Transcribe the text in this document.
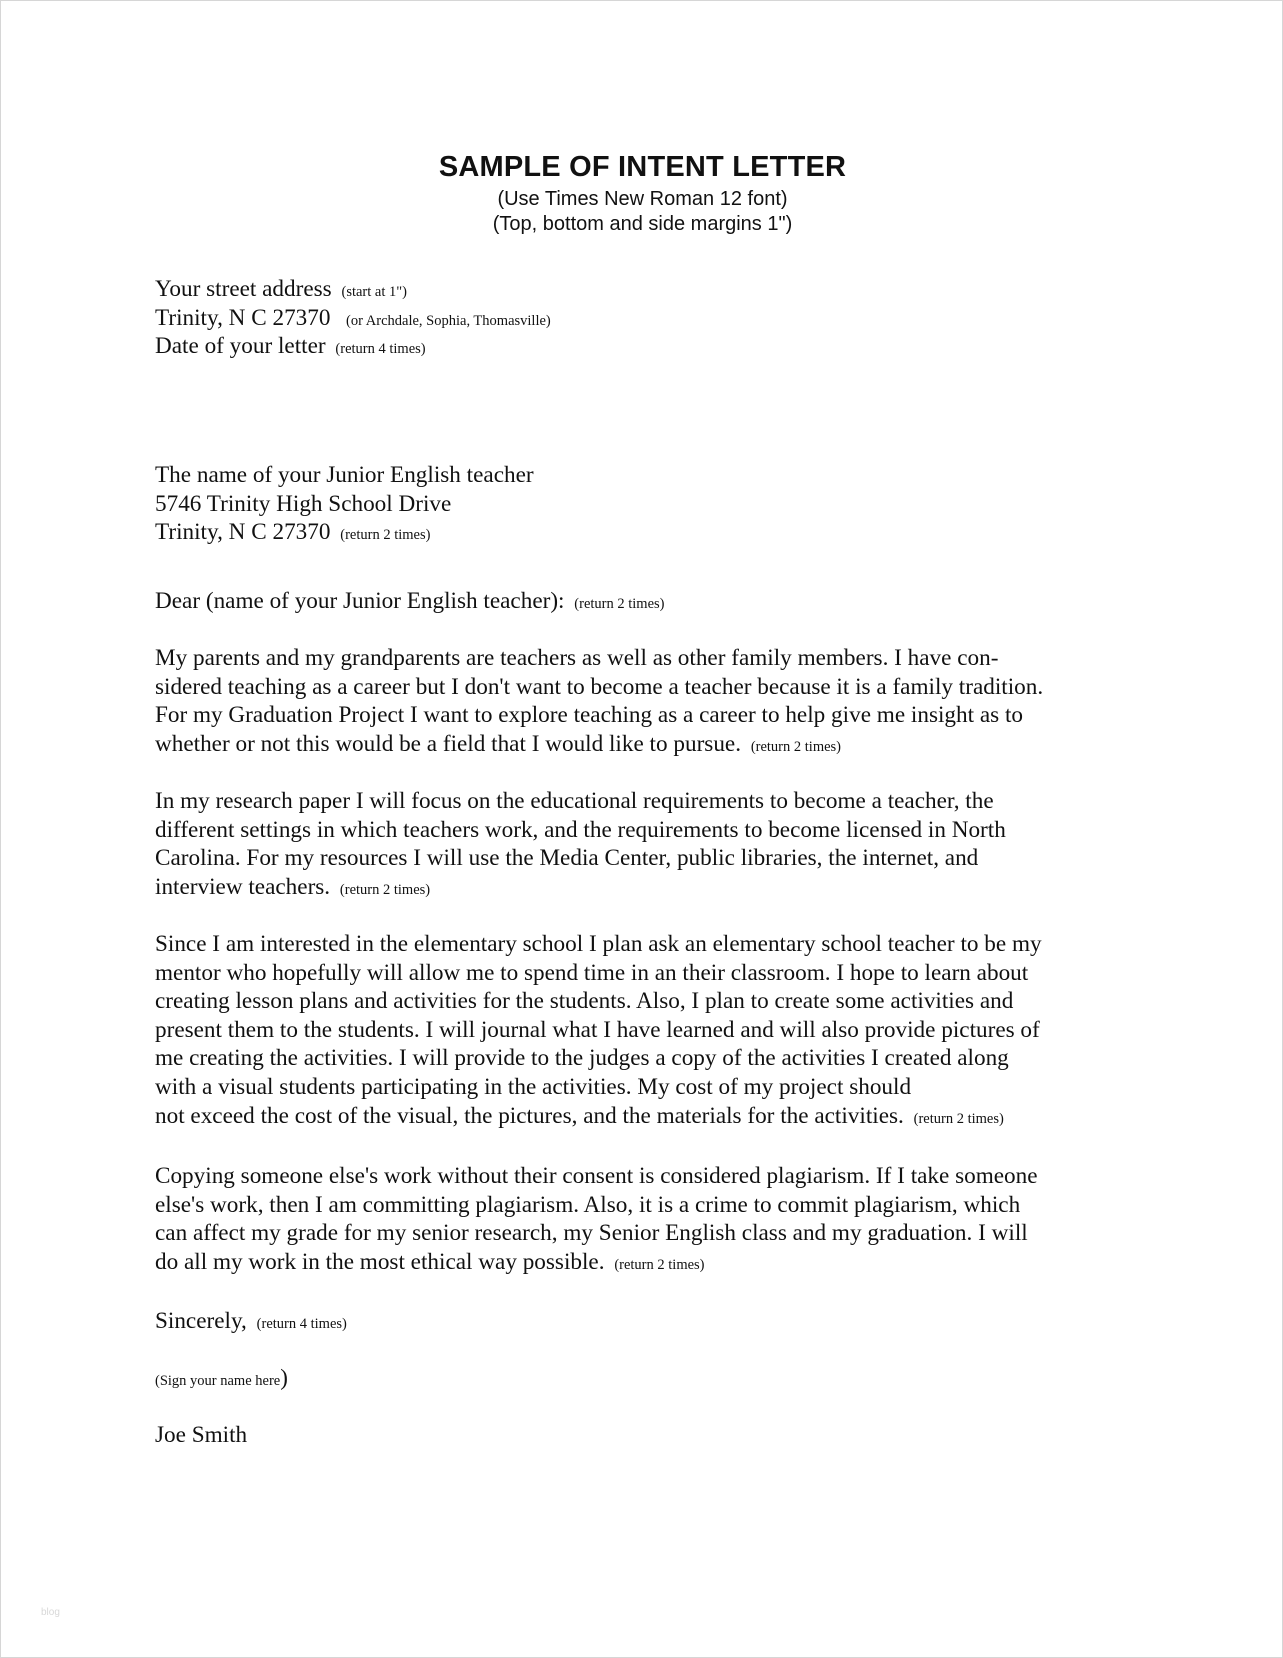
SAMPLE OF INTENT LETTER
(Use Times New Roman 12 font)
(Top, bottom and side margins 1")
Your street address (start at 1")
Trinity, N C 27370 (or Archdale, Sophia, Thomasville)
Date of your letter (return 4 times)
The name of your Junior English teacher
5746 Trinity High School Drive
Trinity, N C 27370 (return 2 times)
Dear (name of your Junior English teacher): (return 2 times)
My parents and my grandparents are teachers as well as other family members. I have con-
sidered teaching as a career but I don't want to become a teacher because it is a family tradition.
For my Graduation Project I want to explore teaching as a career to help give me insight as to
whether or not this would be a field that I would like to pursue. (return 2 times)
In my research paper I will focus on the educational requirements to become a teacher, the
different settings in which teachers work, and the requirements to become licensed in North
Carolina. For my resources I will use the Media Center, public libraries, the internet, and
interview teachers. (return 2 times)
Since I am interested in the elementary school I plan ask an elementary school teacher to be my
mentor who hopefully will allow me to spend time in an their classroom. I hope to learn about
creating lesson plans and activities for the students. Also, I plan to create some activities and
present them to the students. I will journal what I have learned and will also provide pictures of
me creating the activities. I will provide to the judges a copy of the activities I created along
with a visual students participating in the activities. My cost of my project should
not exceed the cost of the visual, the pictures, and the materials for the activities. (return 2 times)
Copying someone else's work without their consent is considered plagiarism. If I take someone
else's work, then I am committing plagiarism. Also, it is a crime to commit plagiarism, which
can affect my grade for my senior research, my Senior English class and my graduation. I will
do all my work in the most ethical way possible. (return 2 times)
Sincerely, (return 4 times)
(Sign your name here)
Joe Smith
blog
